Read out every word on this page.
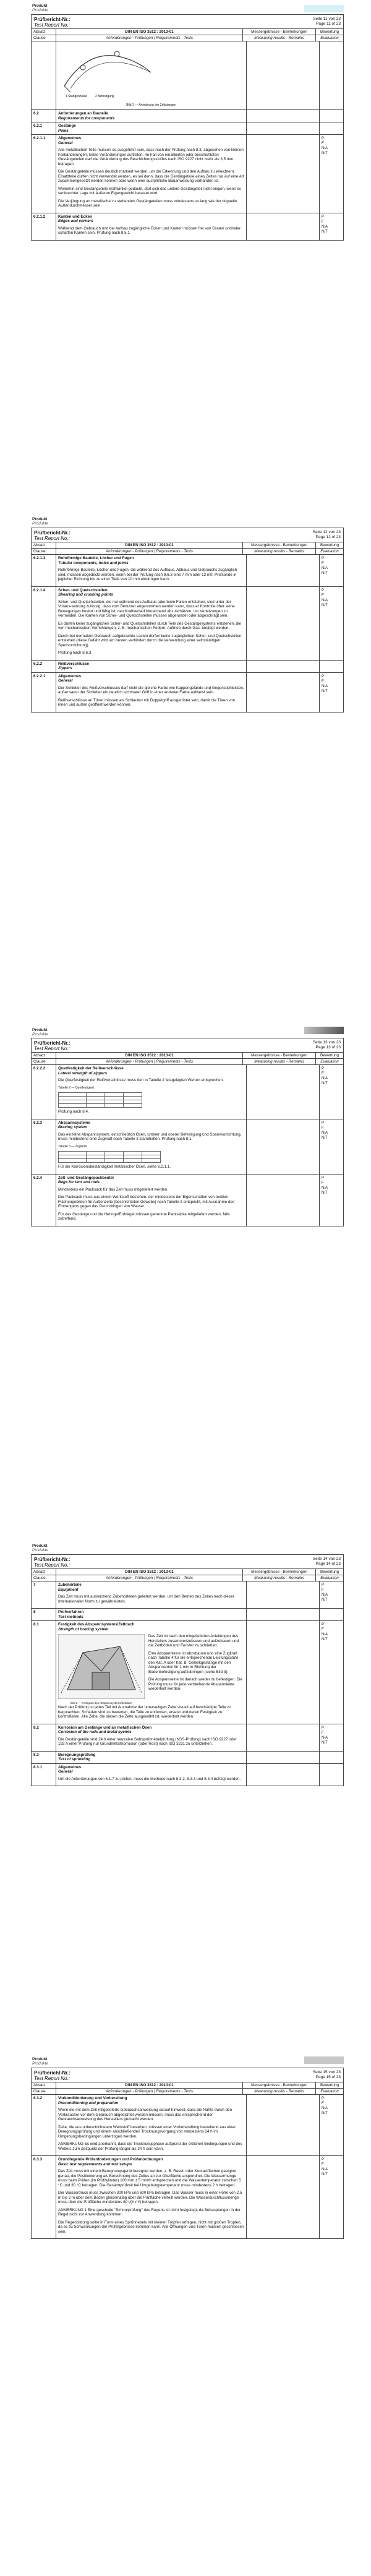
Produkt
Produkte
Prüfbericht-Nr.:
Test Report No.:
Seite 11 von 23
Page 11 of 23
Absatz	DIN EN ISO 3512 : 2013-01	Messergebnisse - Bemerkungen	Bewertung
Clause	Anforderungen - Prüfungen | Requirements - Tests	Measuring results - Remarks	Evaluation
1 Stangenhülse	2 Befestigung
Bild 1 — Anordnung der Zeltstangen
6.2	Anforderungen an Bauteile
Requirements for components
6.2.1	Gestänge
Poles
6.2.1.1	Allgemeines
General

Alle metallischen Teile müssen so ausgeführt sein, dass nach der Prüfung nach 8.3, abgesehen von kleinen Farbänderungen, keine Veränderungen auftreten. Im Fall von emaillierten oder beschichteten Gestängeteilen darf die Veränderung des Beschichtungsstoffes nach ISO 9227 nicht mehr als 3,5 mm betragen.

Die Gestängeteile müssen deutlich markiert werden, um die Erkennung und den Aufbau zu erleichtern. Ersatzteile dürfen nicht verwendet werden, es sei denn, dass die Gestängeteile eines Zeltes nur auf eine Art zusammengesetzt werden können oder wenn eine ausführliche Bauanweisung vorhanden ist.

Weiterhin sind Gestängeteile kraftwinkel gedacht, darf sich das unitere Gestängeteil nicht biegen, wenn es senkrechter Lage mit äußeren Eigengewicht belastet wird.

Die Verjüngung an metallische zu stehenden Gestängeteilen muss mindestens so lang wie der doppelte Außendurchmesser sein.

P
F
N/A
N/T
6.2.1.2	Kanten und Ecken
Edges and corners

Während dem Gebrauch und bei Aufbau zugängliche Ecken und Kanten müssen frei von Graten und/oder scharfen Kanten sein. Prüfung nach 8.5.1.

P
F
N/A
N/T
Produkt
Produkte
Prüfbericht-Nr.:
Test Report No.:
Seite 12 von 23
Page 12 of 23
Absatz	DIN EN ISO 3512 : 2013-01	Messergebnisse - Bemerkungen	Bewertung
Clause	Anforderungen - Prüfungen | Requirements - Tests	Measuring results - Remarks	Evaluation
6.2.1.3	Rohrförmige Bauteile, Löcher und Fugen
Tubular components, holes and joints

Rohrförmige Bauteile, Löcher und Fugen, die während des Aufbaus, Abbaus und Gebrauchs zugänglich sind, müssen abgedeckt werden, wenn bei der Prüfung nach 8.6.3 eine 7 mm oder 12 mm Prüfsonde in jeglicher Richtung bis zu einer Tiefe von 10 mm eindringen kann.

P
F
N/A
N/T
6.2.1.4	Scher- und Quetschstellen
Shearing and crushing points

Scher- und Quetschstellen, die nur während des Aufbaus oder beim Falten entstehen, sind unter der Voraus-setzung zulässig, dass vom Benutzer angenommen werden kann, dass er Kontrolle über seine Bewegungen besitzt und fähig ist, den Kraftverlauf hinreichend abzuschätzen, um Verletzungen zu vermeiden. Die Kanten von Scher- und Quetschstellen müssen abgerundet oder abgeschrägt sein.

Es dürfen keine zugänglichen Scher- und Quetschstellen durch Teile des Gestängesystems entstehen, die von mechanischen Vorrichtungen, z. B. mechanischen Federn, Auftrieb durch Gas, betätigt werden.

Durch bei normalem Gebrauch aufgebrachte Lasten dürfen keine zugänglichen Scher- und Quetschstellen entstehen (diese Gefahr wird am besten verhindert durch die Verwendung einer selbständigen Sperrvorrichtung).

Prüfung nach 8.6.3.

P
F
N/A
N/T
6.2.2	Reißverschlüsse
Zippers
6.2.2.1	Allgemeines
General

Der Schieber des Reißverschlusses darf nicht die gleiche Farbe wie Kappengelände und Gegenstichleisten, außer wenn der Schieber ein deutlich sichtbarer Griff in einer anderen Farbe aufweist sein.

Reißverschlüsse an Türen müssen als Schlaufen mit Doppelgriff ausgerüstet sein, damit die Türen von innen und außen geöffnet werden können.

P
F
N/A
N/T
Produkt
Produkte
Prüfbericht-Nr.:
Test Report No.:
Seite 13 von 23
Page 13 of 23
Absatz	DIN EN ISO 3512 : 2013-01	Messergebnisse - Bemerkungen	Bewertung
Clause	Anforderungen - Prüfungen | Requirements - Tests	Measuring results - Remarks	Evaluation
6.2.2.2	Querfestigkeit der Reißverschlüsse
Lateral strength of zippers

Die Querfestigkeit der Reißverschlüsse muss den in Tabelle 2 festgelegten Werten entsprechen.

Tabelle 2 — Querfestigkeit

Prüfung nach 8.4.

P
F
N/A
N/T
6.2.3	Abspannsysteme
Bracing system

Das einzelne Abspannsystem, einschließlich Ösen, unterer und oberer Befestigung und Spannvorrichtung, muss mindestens eine Zugkraft nach Tabelle 3 standhalten. Prüfung nach 8.1.

Tabelle 3 — Zugkraft

Für die Korrosionsbeständigkeit metallischer Ösen, siehe 6.2.1.1.

P
F
N/A
N/T
6.2.4	Zelt- und Gestängepackbeutel
Bags for tent and rods

Mindestens ein Packsack für das Zelt muss mitgeliefert werden.

Der Packsack muss aus einem Werkstoff bestehen, der mindestens der Eigenschaften von textilen Flächengebilden für Außenzelte (beschichteten Gewebe) nach Tabelle 2 entspricht, mit Ausnahme des Eintrengens gegen das Durchdringen von Wasser.

Für das Gestänge und die Heringe/Erdnägel müssen getrennte Packsäcke mitgeliefert werden, falls zutreffend.

P
F
N/A
N/T
Produkt
Produkte
Prüfbericht-Nr.:
Test Report No.:
Seite 14 von 23
Page 14 of 23
Absatz	DIN EN ISO 3512 : 2013-01	Messergebnisse - Bemerkungen	Bewertung
Clause	Anforderungen - Prüfungen | Requirements - Tests	Measuring results - Remarks	Evaluation
7	Zubehörteile
Equipment

Das Zelt muss mit ausreichend Zubehörteilen geliefert werden, um den Betrieb des Zeltes nach dieser Internationalen Norm zu gewährleisten.

P
F
N/A
N/T
8	Prüfverfahren
Test methods
8.1	Festigkeit des Abspannsystems/Zeltdach
Strength of bracing system
Bild 2 — Festigkeit des Abspannsystems/Zeltdach

Das Zelt ist nach den mitgelieferten Anleitungen des Herstellers zusammenzubauen und aufzubauen und die Zeltböden und Fenster zu schließen.

Eine Abspannleine ist abzubauen und eine Zugkraft nach Tabelle 4 für die entsprechende Leistungsstufe des Kat. A oder Kat. B. Gelenkgestänge mit den Abspannstrick für 1 min in Richtung der Bodenbefestigung aufzubringen (siehe Bild 3).

Die Abspannleine ist danach wieder zu befestigen. Die Prüfung muss für jede verbleibende Abspannleine wiederholt werden.

Nach der Prüfung ist jedes Teil mit Ausnahme der unterseitigen Zelte visuell auf beschädigte Teile zu begutachten, Schäden sind zu bewerten, die Teile zu entfernen, ersetzt und deren Festigkeit zu kontrollieren. Alle Zelte, die diesen die Zelte ausgewählt ist, wiederholt werden.

P
F
N/A
N/T
8.2	Korrosion am Gestänge und an metallischen Ösen
Corrosion of the rods and metal eyelets

Die Gestängeteile sind 24 h einer neutralen Salzsprühnebelprüfung (NSS-Prüfung) nach ISO 9227 oder 192 h einer Prüfung nur Grundmetallkorrosion (oder Rost) nach ISO 3231 zu unterziehen.

P
F
N/A
N/T
8.3	Beregnungsprüfung
Test of sprinkling
8.3.1	Allgemeines
General

Um die Anforderungen von 6.1.7 zu prüfen, muss die Methode nach 8.3.2, 8.3.3 und 8.3.4 befolgt werden.

Produkt
Produkte
Prüfbericht-Nr.:
Test Report No.:
Seite 15 von 23
Page 15 of 23
Absatz	DIN EN ISO 3512 : 2013-01	Messergebnisse - Bemerkungen	Bewertung
Clause	Anforderungen - Prüfungen | Requirements - Tests	Measuring results - Remarks	Evaluation
8.3.2	Vorkonditionierung und Vorbereitung
Preconditioning and preparation

Wenn die mit dem Zelt mitgelieferte Gebrauchsanweisung darauf hinweist, dass die Nähte durch den Verbraucher vor dem Gebrauch abgedichtet werden müssen, muss das entsprechend der Gebrauchsanweisung des Herstellers gemacht werden.

Zelte, die aus unbeschichtetem Werkstoff bestehen, müssen einer Vorbehandlung bestehend aus einer Beregnungsprüfung und einem anschließenden Trocknungsvorgang von mindestens 24 h im Umgebungsbedingungen unterzogen werden.

ANMERKUNG Es wird anerkannt, dass die Trocknungsphase aufgrund der örtlichen Bedingungen und des Wetters zum Zeitpunkt der Prüfung länger als 24 h sein kann.

P
F
N/A
N/T
8.3.3	Grundlegende Prüfanforderungen und Prüfanordnungen
Basic test requirements and test setups

Das Zelt muss mit einem Beregnungsgerät beregnet werden, z. B. Rasen oder Kontaktflächen geeignet genau, die Positionierung als Berechnung des Zeltes an zur Oberfläche angeordnet. Die Wassermenge muss beim Prüfen (im Prüfzylinder) 100 mm ± 5 mm/h entsprechen und die Wassertemperatur zwischen 5 °C und 30 °C betragen. Die Gesamtprüfzeit bei Umgebungstemperatur muss mindestens 2 h betragen.

Der Wasserdruck muss zwischen 300 kPa und 600 kPa betragen. Das Wasser muss in einer Höhe von 2,5 m bis 3 m über dem Boden gleichmäßig über die Prüffläche verteilt werden. Die Wasserdurchflussmenge muss über die Prüffläche mindestens 60 l/(h·m²) betragen.

ANMERKUNG 1 Eine geschulte "Schnurprüfung" des Regens ist nicht festgelegt, da Behauptungen in der Regel nicht zur Anwendung kommen.

Die Regenbildung sollte in Form eines Sprühnebels mit kleinen Tropfen erfolgen, nicht mit großen Tropfen, da es zu Schwankungen der Prüfergebnisse kommen kann. Alle Öffnungen und Türen müssen geschlossen sein.

P
F
N/A
N/T
